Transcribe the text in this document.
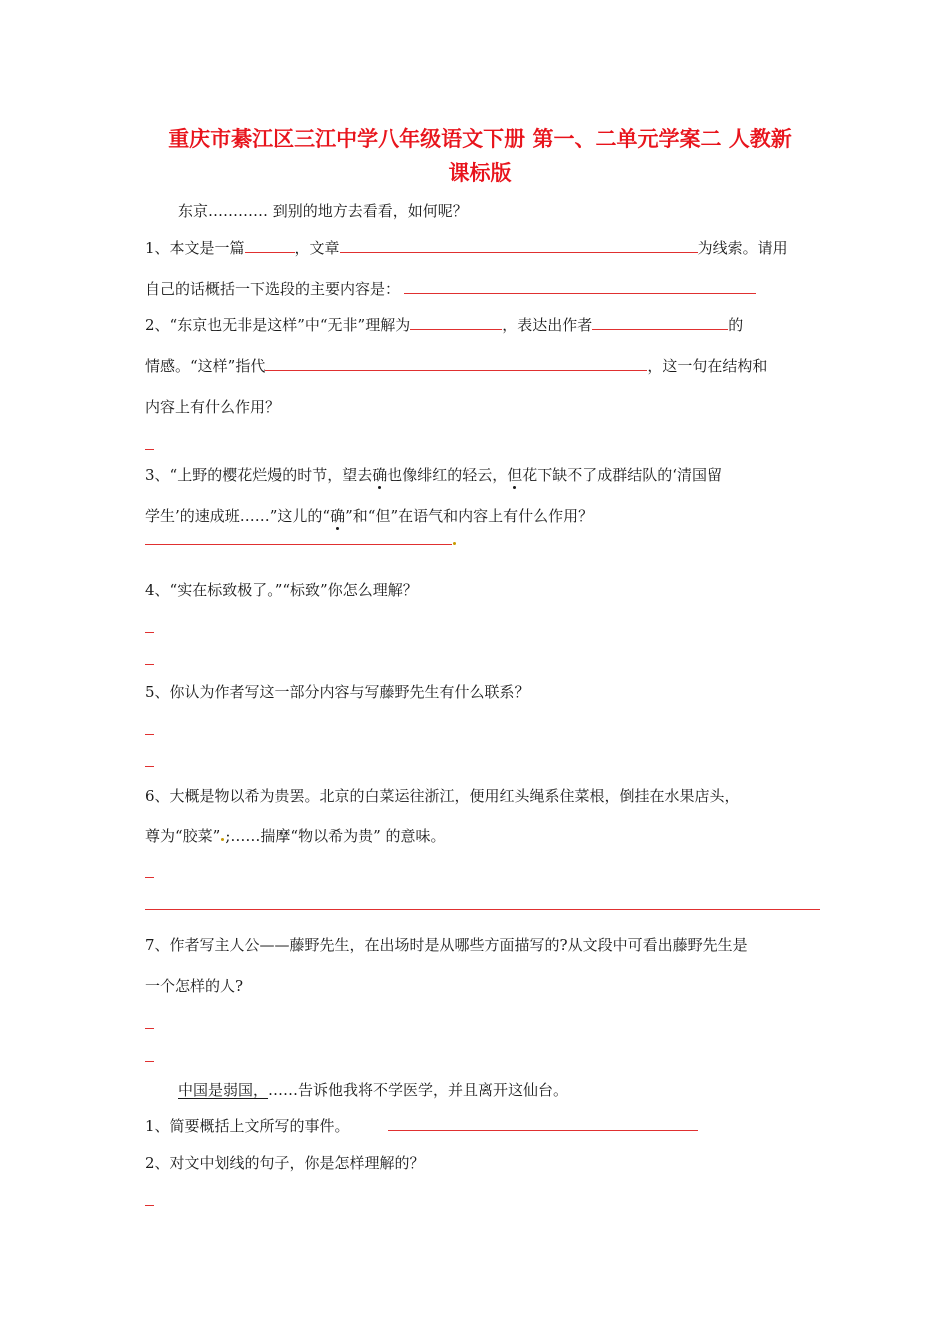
重庆市綦江区三江中学八年级语文下册 第一、二单元学案二 人教新
课标版
东京………… 到别的地方去看看，如何呢？
1、本文是一篇	，文章	为线索。请用
自己的话概括一下选段的主要内容是：
2、“东京也无非是这样”中“无非”理解为	，表达出作者	的
情感。“这样”指代	，这一句在结构和
内容上有什么作用？
3、“上野的樱花烂熳的时节，望去确也像绯红的轻云，但花下缺不了成群结队的‘清国留
学生’的速成班……”这儿的“确”和“但”在语气和内容上有什么作用？
4、“实在标致极了。”“标致”你怎么理解？
5、你认为作者写这一部分内容与写藤野先生有什么联系？
6、大概是物以希为贵罢。北京的白菜运往浙江，便用红头绳系住菜根，倒挂在水果店头，
尊为“胶菜” ;……揣摩“物以希为贵” 的意味。
7、作者写主人公——藤野先生，在出场时是从哪些方面描写的?从文段中可看出藤野先生是
一个怎样的人?
中国是弱国，……告诉他我将不学医学，并且离开这仙台。
1、简要概括上文所写的事件。
2、对文中划线的句子，你是怎样理解的？
